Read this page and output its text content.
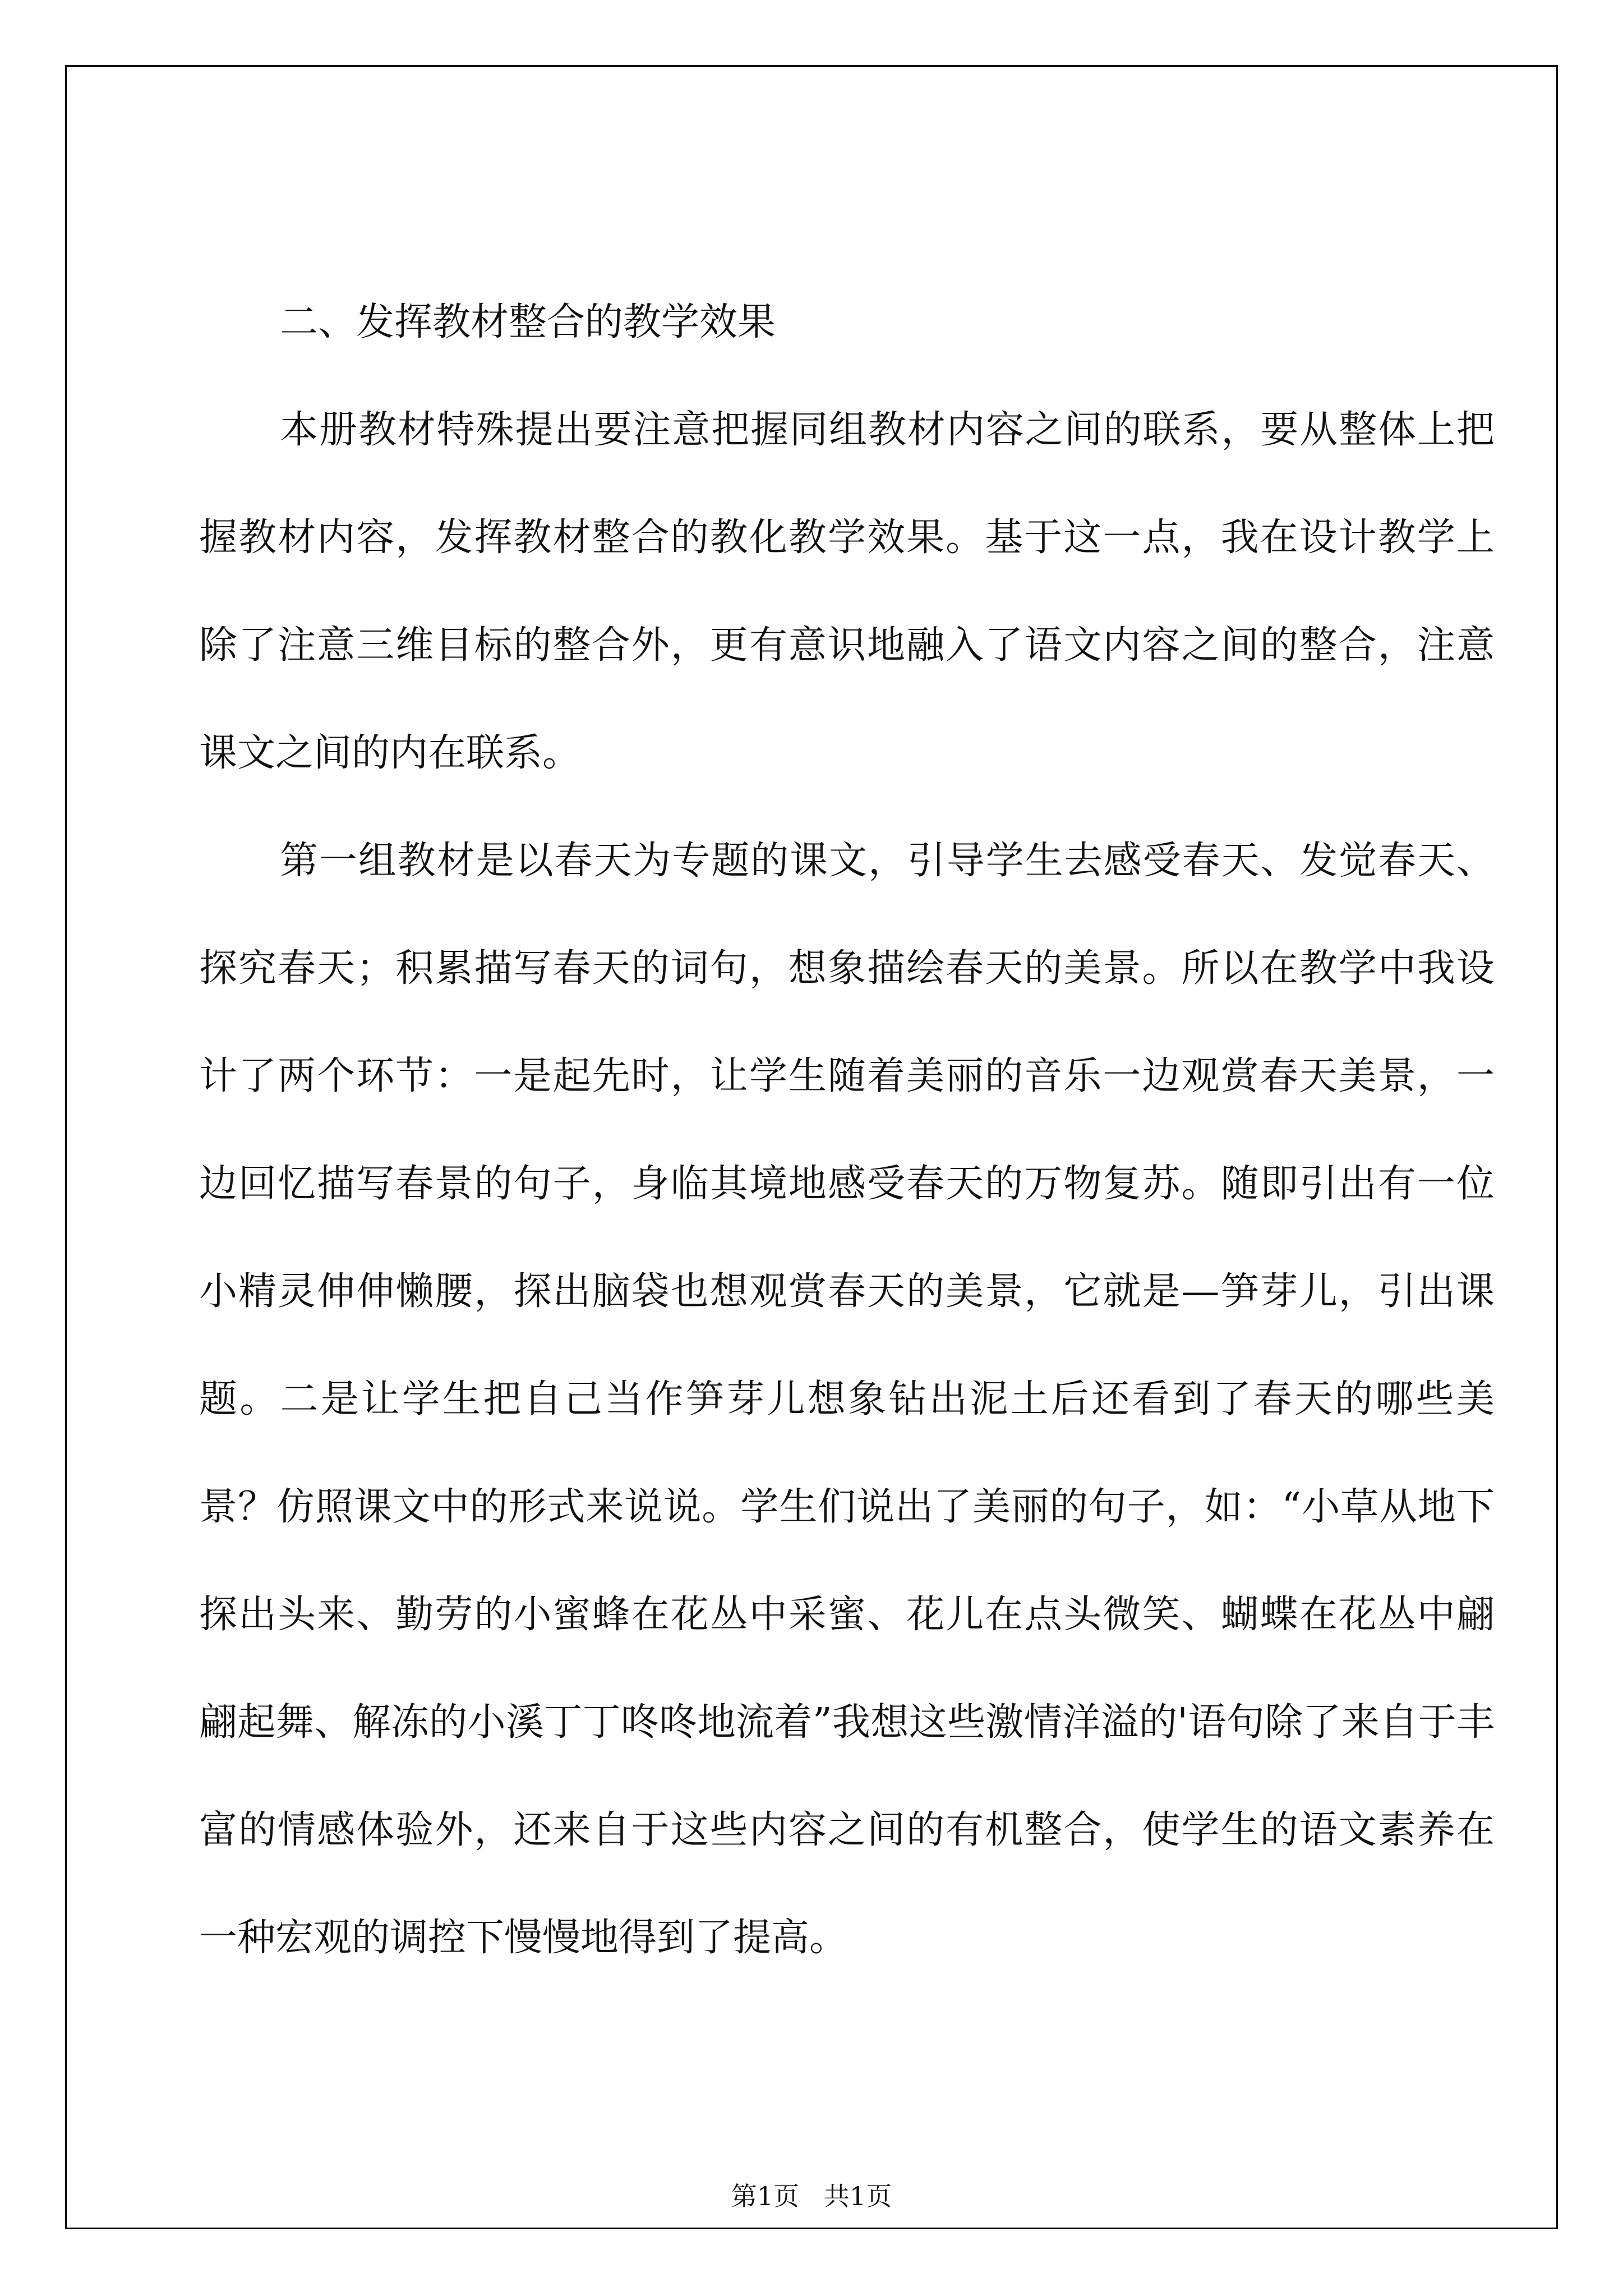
二、发挥教材整合的教学效果

本册教材特殊提出要注意把握同组教材内容之间的联系，要从整体上把握教材内容，发挥教材整合的教化教学效果。基于这一点，我在设计教学上除了注意三维目标的整合外，更有意识地融入了语文内容之间的整合，注意课文之间的内在联系。

第一组教材是以春天为专题的课文，引导学生去感受春天、发觉春天、探究春天；积累描写春天的词句，想象描绘春天的美景。所以在教学中我设计了两个环节：一是起先时，让学生随着美丽的音乐一边观赏春天美景，一边回忆描写春景的句子，身临其境地感受春天的万物复苏。随即引出有一位小精灵伸伸懒腰，探出脑袋也想观赏春天的美景，它就是—笋芽儿，引出课题。二是让学生把自己当作笋芽儿想象钻出泥土后还看到了春天的哪些美景？仿照课文中的形式来说说。学生们说出了美丽的句子，如：“小草从地下探出头来、勤劳的小蜜蜂在花丛中采蜜、花儿在点头微笑、蝴蝶在花丛中翩翩起舞、解冻的小溪丁丁咚咚地流着”我想这些激情洋溢的'语句除了来自于丰富的情感体验外，还来自于这些内容之间的有机整合，使学生的语文素养在一种宏观的调控下慢慢地得到了提高。

第1页   共1页
